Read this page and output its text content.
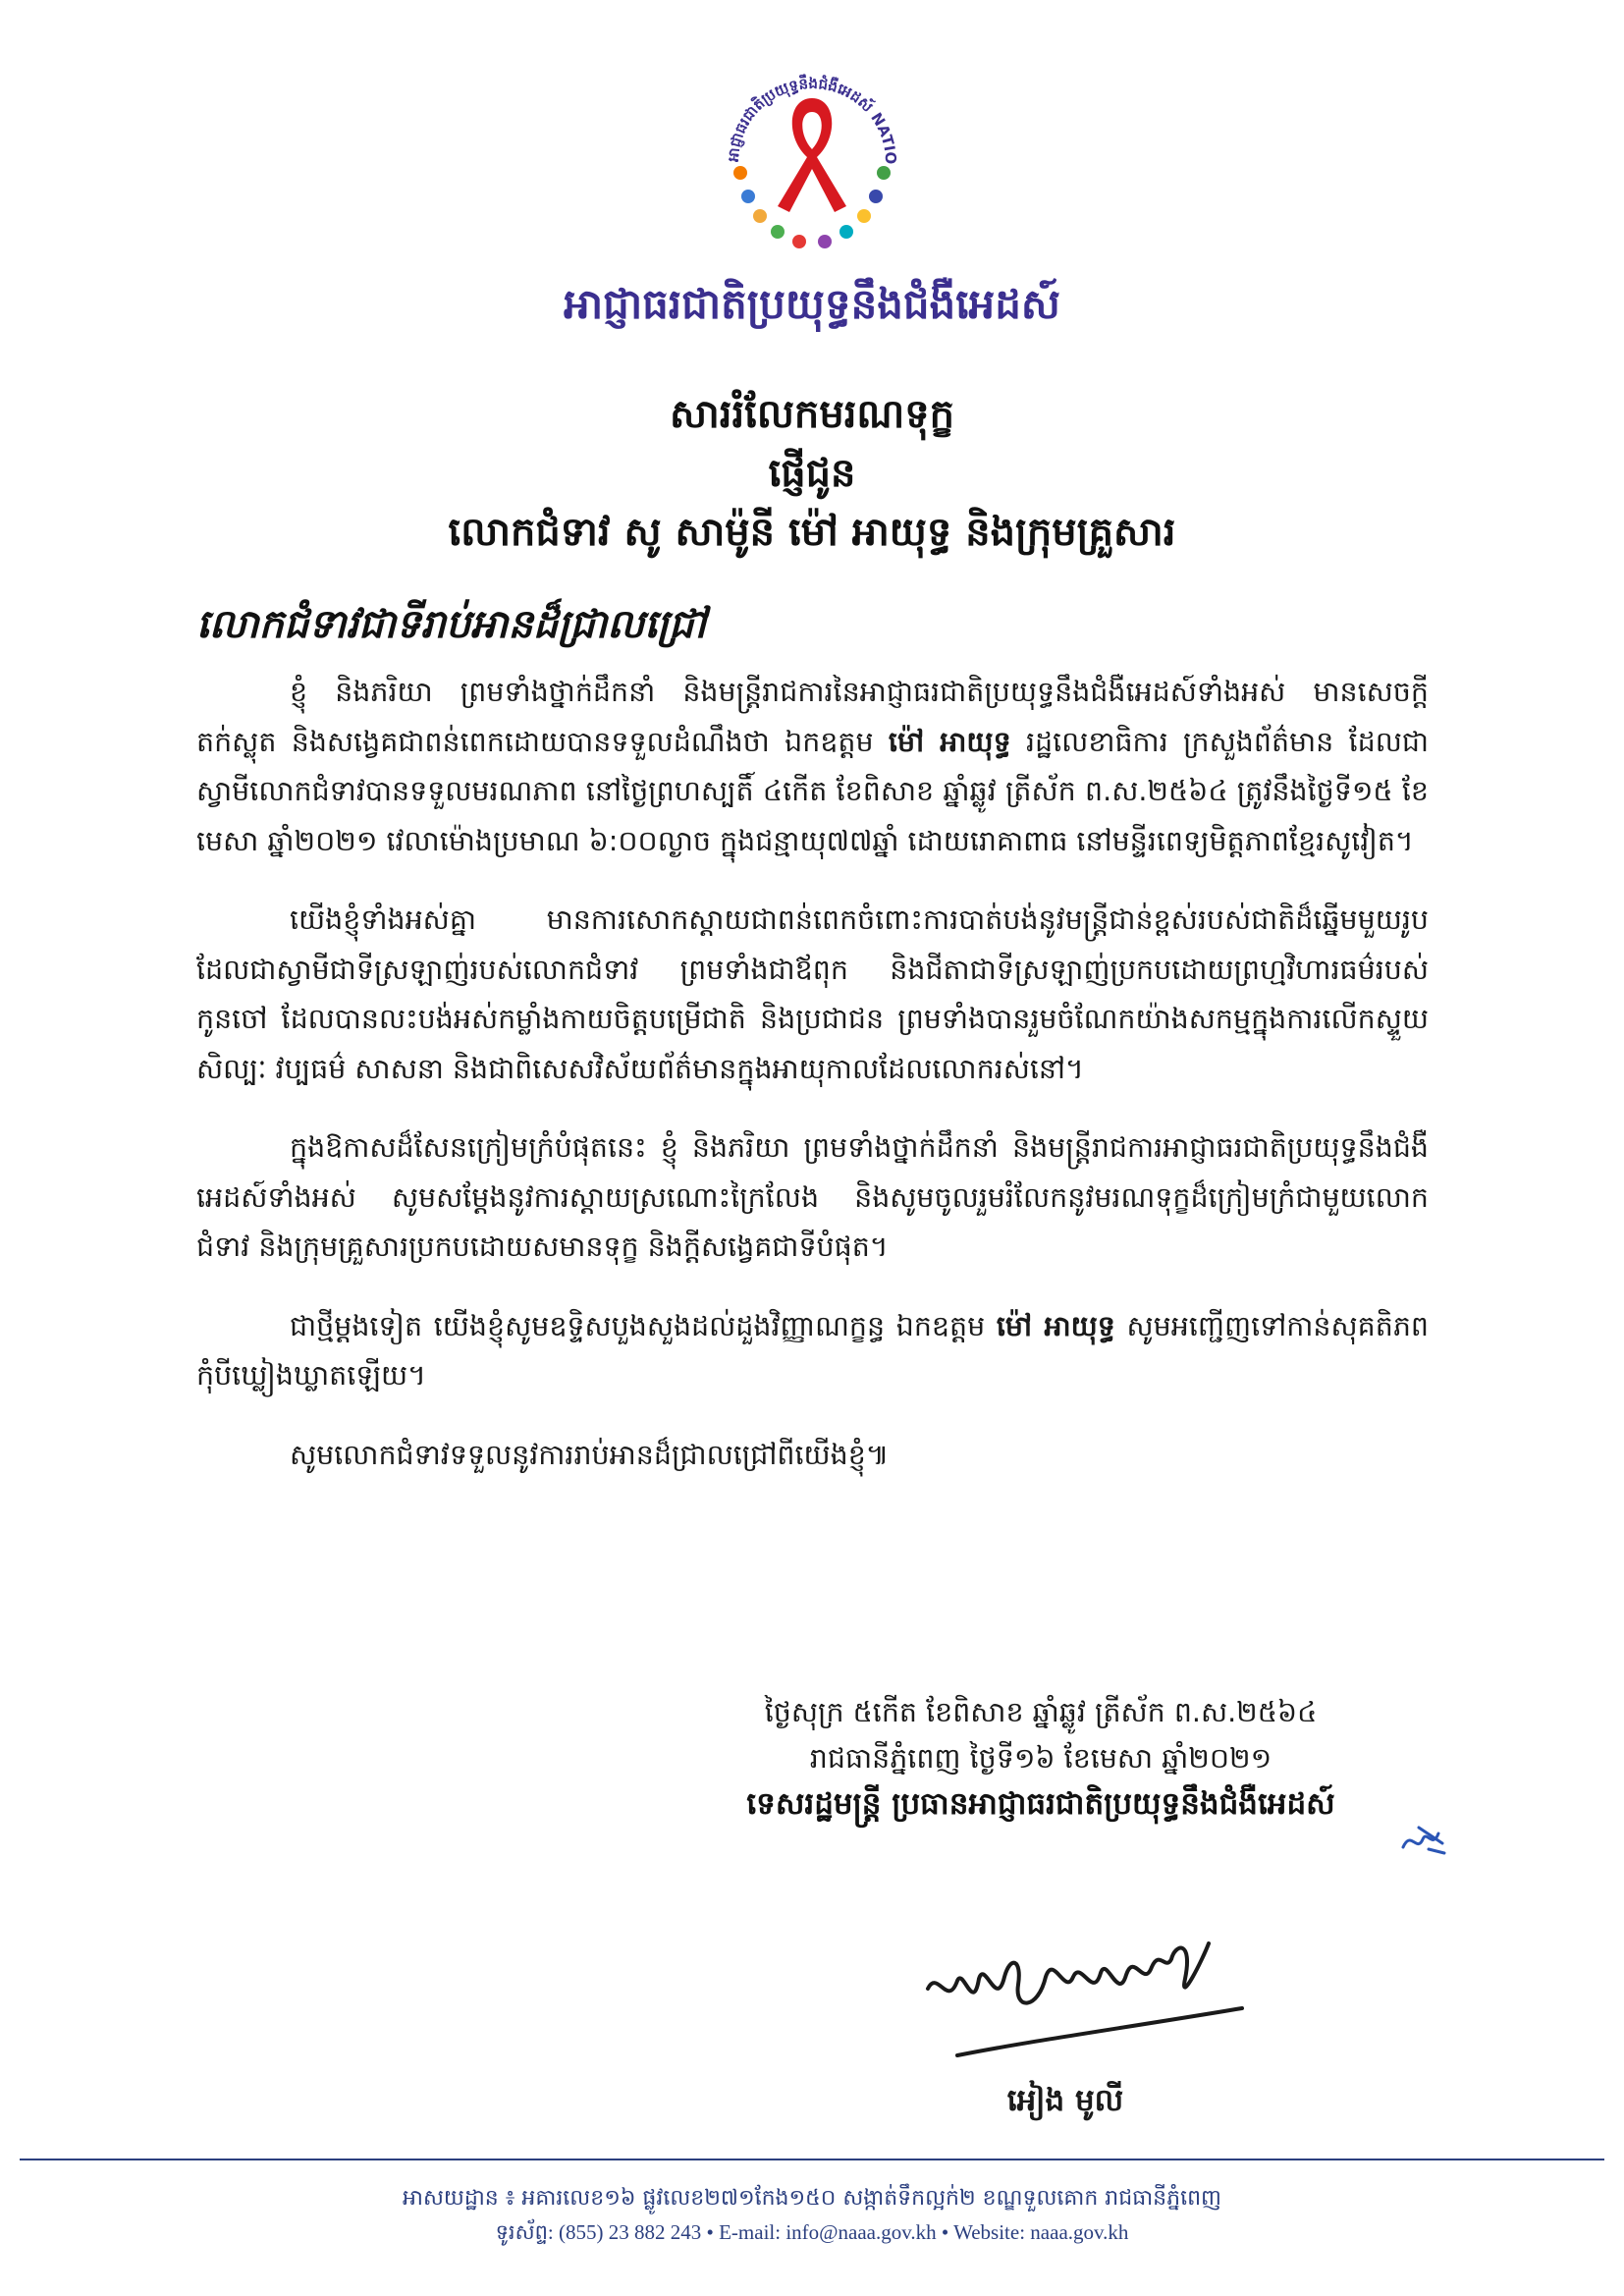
អាជ្ញាធរជាតិប្រយុទ្ធនឹងជំងឺអេដស៍ NATIO
អាជ្ញាធរជាតិប្រយុទ្ធនឹងជំងឺអេដស៍
សាររំលែកមរណទុក្ខ
ផ្ញើជូន
លោកជំទាវ សូ សាម៉ូនី ម៉ៅ អាយុទ្ធ និងក្រុមគ្រួសារ
លោកជំទាវជាទីរាប់អានដ៏ជ្រាលជ្រៅ

ខ្ញុំ និងភរិយា ព្រមទាំងថ្នាក់ដឹកនាំ និងមន្រ្តីរាជការនៃអាជ្ញាធរជាតិប្រយុទ្ធនឹងជំងឺអេដស៍ទាំងអស់ មានសេចក្តីតក់ស្លុត និងសង្វេគជាពន់ពេកដោយបានទទួលដំណឹងថា ឯកឧត្តម ម៉ៅ អាយុទ្ធ រដ្ឋលេខាធិការ ក្រសួងព័ត៌មាន ដែលជាស្វាមីលោកជំទាវបានទទួលមរណភាព នៅថ្ងៃព្រហស្បតិ៍ ៤កើត ខែពិសាខ ឆ្នាំឆ្លូវ ត្រីស័ក ព.ស.២៥៦៤ ត្រូវនឹងថ្ងៃទី១៥ ខែមេសា ឆ្នាំ២០២១ វេលាម៉ោងប្រមាណ ៦:០០ល្ងាច ក្នុងជន្មាយុ៧៧ឆ្នាំ ដោយរោគាពាធ នៅមន្ទីរពេទ្យមិត្តភាពខ្មែរសូវៀត។

យើងខ្ញុំទាំងអស់គ្នា មានការសោកស្តាយជាពន់ពេកចំពោះការបាត់បង់នូវមន្រ្តីជាន់ខ្ពស់របស់ជាតិដ៏ឆ្នើមមួយរូប ដែលជាស្វាមីជាទីស្រឡាញ់របស់លោកជំទាវ ព្រមទាំងជាឪពុក និងជីតាជាទីស្រឡាញ់ប្រកបដោយព្រហ្មវិហារធម៌របស់កូនចៅ ដែលបានលះបង់អស់កម្លាំងកាយចិត្តបម្រើជាតិ និងប្រជាជន ព្រមទាំងបានរួមចំណែកយ៉ាងសកម្មក្នុងការលើកស្ទួយសិល្បៈ វប្បធម៌ សាសនា និងជាពិសេសវិស័យព័ត៌មានក្នុងអាយុកាលដែលលោករស់នៅ។

ក្នុងឱកាសដ៏សែនក្រៀមក្រំបំផុតនេះ ខ្ញុំ និងភរិយា ព្រមទាំងថ្នាក់ដឹកនាំ និងមន្រ្តីរាជការអាជ្ញាធរជាតិប្រយុទ្ធនឹងជំងឺអេដស៍ទាំងអស់ សូមសម្តែងនូវការស្តាយស្រណោះក្រៃលែង និងសូមចូលរួមរំលែកនូវមរណទុក្ខដ៏ក្រៀមក្រំជាមួយលោកជំទាវ និងក្រុមគ្រួសារប្រកបដោយសមានទុក្ខ និងក្តីសង្វេគជាទីបំផុត។

ជាថ្មីម្តងទៀត យើងខ្ញុំសូមឧទ្ទិសបួងសួងដល់ដួងវិញ្ញាណក្ខន្ធ ឯកឧត្តម ម៉ៅ អាយុទ្ធ សូមអញ្ជើញទៅកាន់សុគតិភព កុំបីឃ្លៀងឃ្លាតឡើយ។

សូមលោកជំទាវទទួលនូវការរាប់អានដ៏ជ្រាលជ្រៅពីយើងខ្ញុំ៕
ថ្ងៃសុក្រ ៥កើត ខែពិសាខ ឆ្នាំឆ្លូវ ត្រីស័ក ព.ស.២៥៦៤
រាជធានីភ្នំពេញ ថ្ងៃទី១៦ ខែមេសា ឆ្នាំ២០២១
ទេសរដ្ឋមន្រ្តី ប្រធានអាជ្ញាធរជាតិប្រយុទ្ធនឹងជំងឺអេដស៍
អៀង មូលី
អាសយដ្ឋាន ៖ អគារលេខ១៦ ផ្លូវលេខ២៧១កែង១៥០ សង្កាត់ទឹកល្អក់២ ខណ្ឌទួលគោក រាជធានីភ្នំពេញ
ទូរស័ព្ទ: (855) 23 882 243 • E-mail: info@naaa.gov.kh • Website: naaa.gov.kh
